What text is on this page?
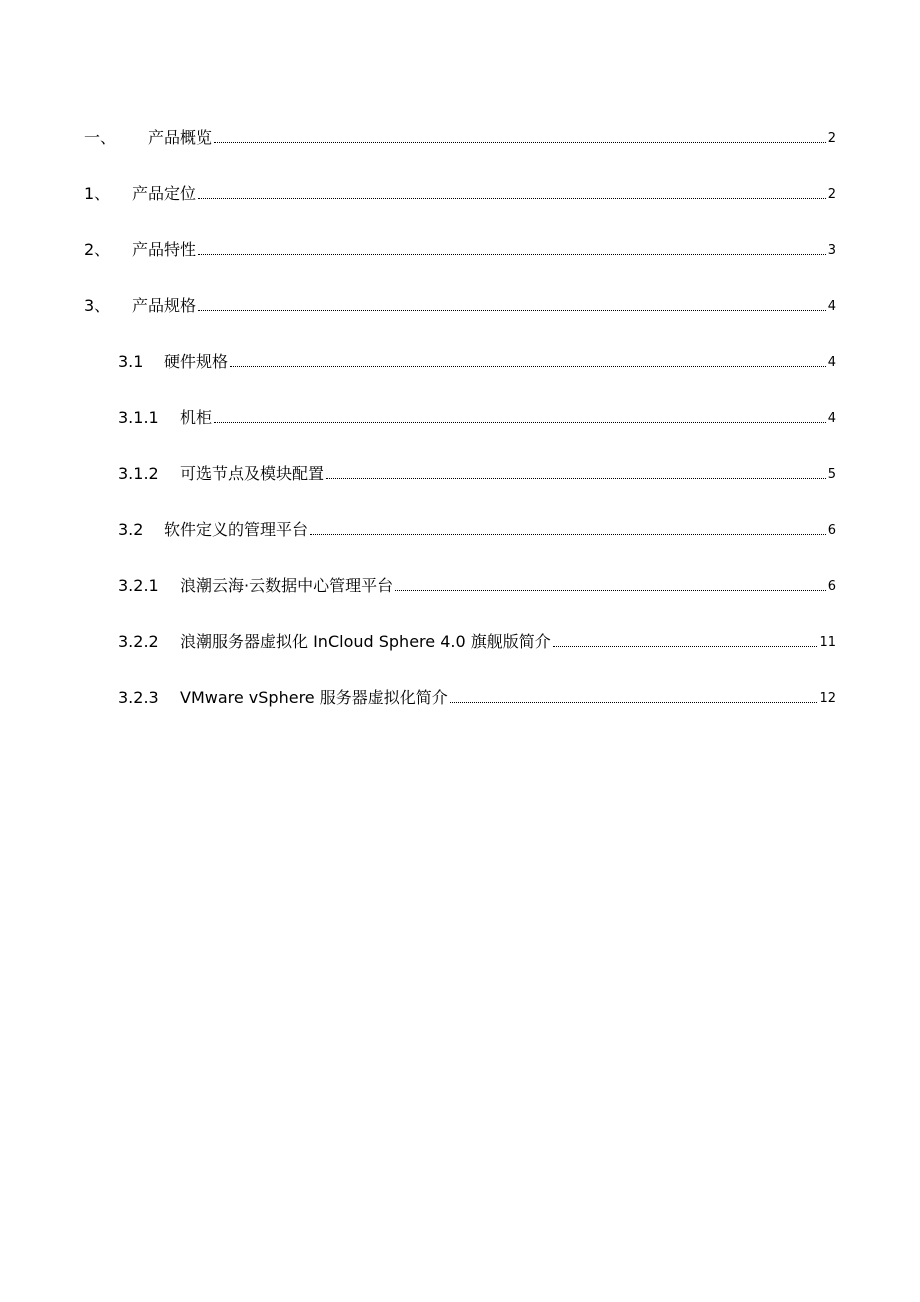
一、	产品概览	2
1、	产品定位	2
2、	产品特性	3
3、	产品规格	4
3.1	硬件规格	4
3.1.1	机柜	4
3.1.2	可选节点及模块配置	5
3.2	软件定义的管理平台	6
3.2.1	浪潮云海·云数据中心管理平台	6
3.2.2	浪潮服务器虚拟化 InCloud Sphere 4.0 旗舰版简介	11
3.2.3	VMware vSphere 服务器虚拟化简介	12
